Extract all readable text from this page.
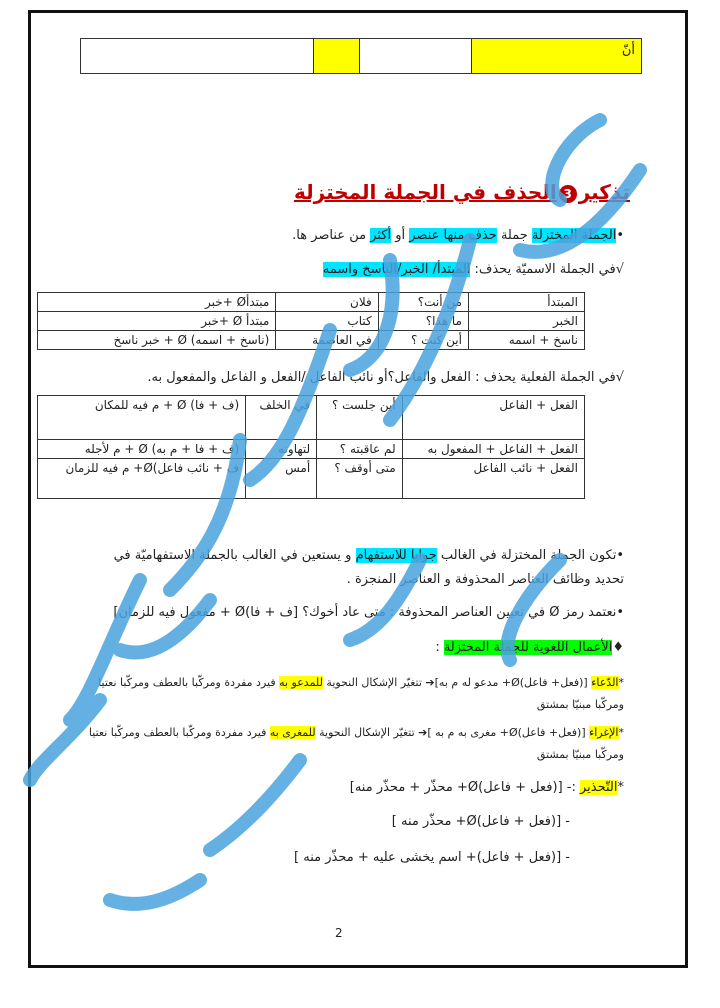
أنّ
تذكير3الحذف في الجملة المختزلة
•الجملة المختزلة جملة حذف منها عنصر أو أكثر من عناصر ها.
√في الجملة الاسميّة يحذف: المبتدأ/ الخبر/الناسخ واسمه
المبتدأ	من أنت؟	فلان	مبتدأØ +خبر
الخبر	ما هذا؟	كتاب	مبتدأ Ø +خبر
ناسخ + اسمه	أين كنت ؟	في العاصمة	(ناسخ + اسمه) Ø + خبر ناسخ
√في الجملة الفعلية يحذف : الفعل والفاعل؟أو نائب الفاعل /الفعل و الفاعل والمفعول به.
الفعل + الفاعل	أين جلست ؟	في الخلف	(ف + فا) Ø + م فيه للمكان
الفعل + الفاعل + المفعول به	لم عاقبته ؟	لتهاونه	(ف + فا + م به) Ø + م لأجله
الفعل + نائب الفاعل	متى أوقف ؟	أمس	ف + نائب فاعل)Ø+ م فيه للزمان
•تكون الجملة المختزلة في الغالب جوابا للاستفهام و يستعين في الغالب بالجملة الاستفهاميّة في
تحديد وظائف العناصر المحذوفة و العناصر المنجزة .
•نعتمد رمز Ø في تعيين العناصر المحذوفة : متى عاد أخوك؟ [ف + فا)Ø + مفعول فيه للزمان]
♦الأعمال اللغوية للجملة المختزلة :
*الدّعاء [(فعل+ فاعل)Ø+ مدعو له م به]➔ تتغيّر الإشكال النحوية للمدعو به فيرد مفردة ومركّبا بالعطف ومركّبا نعتيا
ومركّبا مبنيّا بمشتق
*الإغراء [(فعل+ فاعل)Ø+ مغرى به م به ]➔ تتغيّر الإشكال النحوية للمغرى به فيرد مفردة ومركّبا بالعطف ومركّبا نعتيا
ومركّبا مبنيّا بمشتق
*التّحذير :- [(فعل + فاعل)Ø+ محذّر + محذّر منه]
- [(فعل + فاعل)Ø+ محذّر منه ]
- [(فعل + فاعل)+ اسم يخشى عليه + محذّر منه ]
2
